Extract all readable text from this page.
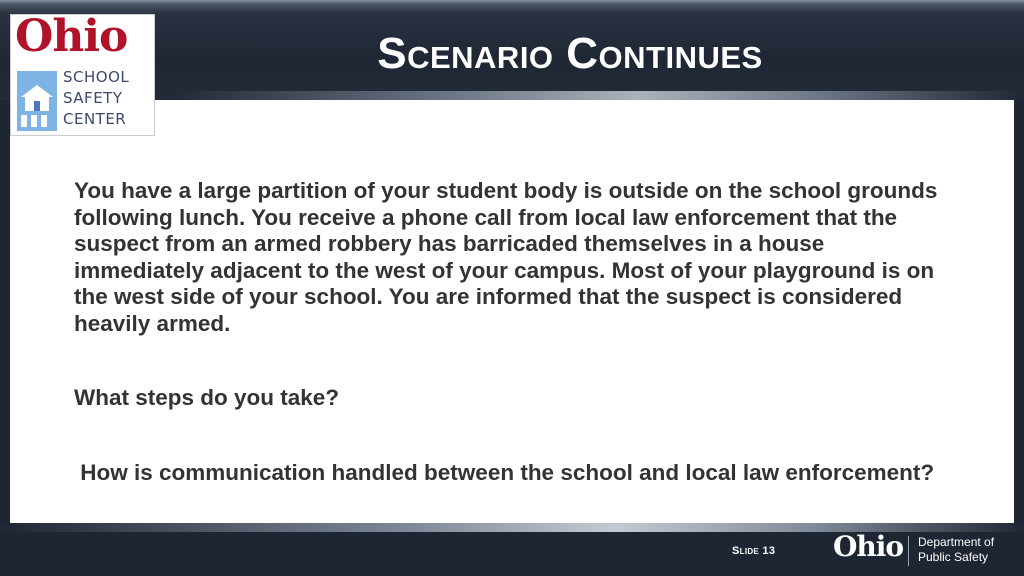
Scenario Continues
Ohio
SCHOOL
SAFETY
CENTER
You have a large partition of your student body is outside on the school grounds following lunch. You receive a phone call from local law enforcement that the suspect from an armed robbery has barricaded themselves in a house immediately adjacent to the west of your campus. Most of your playground is on the west side of your school. You are informed that the suspect is considered heavily armed.
What steps do you take?
How is communication handled between the school and local law enforcement?
Slide 13 Ohio Department of
Public Safety
